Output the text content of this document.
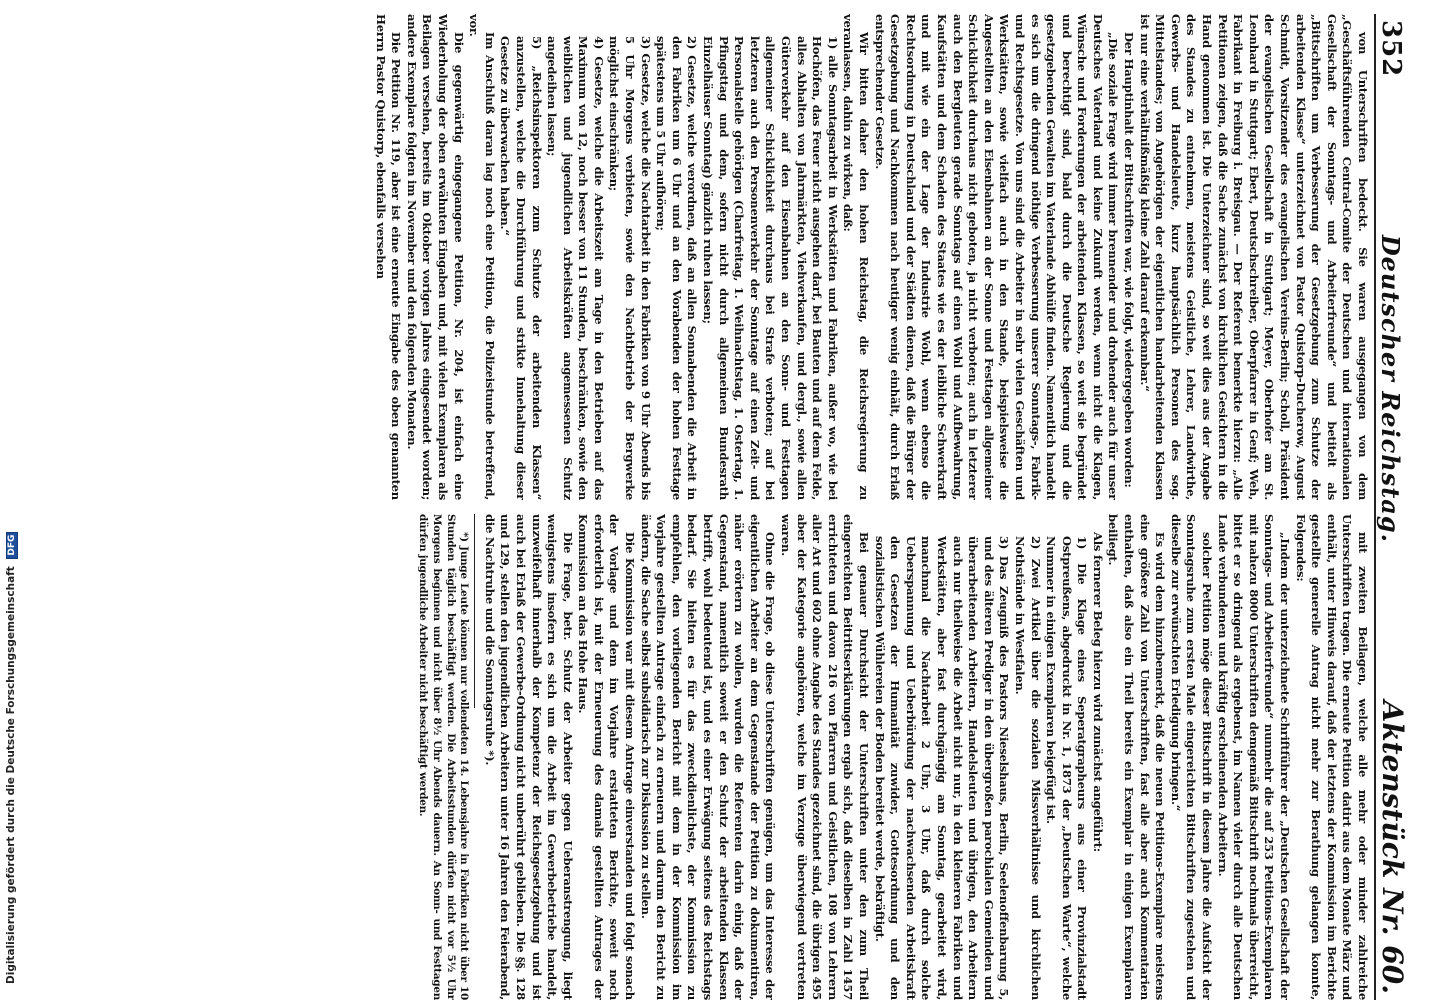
352
Deutscher Reichstag.
Aktenstück Nr. 60.

von Unterschriften bedeckt. Sie waren ausgegangen von dem „Geschäftsführenden Central-Comite der Deutschen und internationalen Gesellschaft der Sonntags- und Arbeiterfreunde“ und betitelt als „Bittschriften um Verbesserung der Gesetzgebung zum Schutze der arbeitenden Klasse“ unterzeichnet von Pastor Quistorp-Ducherow, August Schmidt, Vorsitzender des evangelischen Vereins-Berlin; Scholl, Präsident der evangelischen Gesellschaft in Stuttgart; Meyer, Oberhofer am St. Leonhard in Stuttgart; Ebert, Deutschschreiber, Oberpfarrer in Genf; Weh, Fabrikant in Freiburg i. Breisgau. — Der Referent bemerkte hierzu: „Alle Petitionen zeigen, daß die Sache zunächst von kirchlichen Gesichtern in die Hand genommen ist. Die Unterzeichner sind, so weit dies aus der Angabe des Standes zu entnehmen, meistens Geistliche, Lehrer, Landwirthe, Gewerbs- und Handelsleute, kurz hauptsächlich Personen des sog. Mittelstandes; von Angehörigen der eigentlichen handarbeitenden Klassen ist nur eine verhältnißmäßig kleine Zahl darauf erkennbar.“

Der Hauptinhalt der Bittschriften war, wie folgt, wiedergegeben worden:

„Die soziale Frage wird immer brennender und drohender auch für unser Deutsches Vaterland und keine Zukunft werden, wenn nicht die Klagen, Wünsche und Forderungen der arbeitenden Klassen, so weit sie begründet und berechtigt sind, bald durch die Deutsche Regierung und die gesetzgebenden Gewalten im Vaterlande Abhülfe finden. Namentlich handelt es sich um die dringend nöthige Verbesserung unserer Sonntags-, Fabrik- und Rechtsgesetze. Von uns sind die Arbeiter in sehr vielen Geschäften und Werkstätten, sowie vielfach auch in den Stande, beispielsweise die Angestellten an den Eisenbahnen an der Sonne und Festtagen allgemeiner Schicklichkeit durchaus nicht geboten, ja nicht verboten; auch in letzterer auch den Bergleuten gerade Sonntags auf einen Wohl und Aufbewahrung, Kaufstätten und dem Schaden des Staates wie es der leibliche Schwerkraft und mit wie ein der Lage der Industrie Wohl, wenn ebenso die Rechtsordnung in Deutschland und der Städten dienen, daß die Bürger der Gesetzgebung und Nachkommen nach heutiger wenig einhält, durch Erlaß entsprechender Gesetze.

Wir bitten daher den hohen Reichstag, die Reichsregierung zu veranlassen, dahin zu wirken, daß:

1) alle Sonntagsarbeit in Werkstätten und Fabriken, außer wo, wie bei Hochöfen, das Feuer nicht ausgehen darf, bei Bauten und auf dem Felde, alles Abhalten von Jahrmärkten, Viehverkaufen, und dergl., sowie allen Güterverkehr auf den Eisenbahnen an den Sonn- und Festtagen allgemeiner Schicklichkeit durchaus bei Strafe verboten; auf bei letzteren auch den Personenverkehr der Sonntage auf einen Zeit- und Personalstelle gehörigen (Charfreitag, 1. Weihnachtstag, 1. Ostertag, 1. Pfingsttag und dem, sofern nicht durch allgemeinen Bundesrath Einzelhäuser Sonntag) gänzlich ruhen lassen;

2) Gesetze, welche verordnen, daß an allen Sonnabenden die Arbeit in den Fabriken um 6 Uhr und an den Vorabenden der hohen Festtage spätestens um 5 Uhr aufhören;

3) Gesetze, welche die Nachtarbeit in den Fabriken von 9 Uhr Abends bis 5 Uhr Morgens verbieten, sowie den Nachtbetrieb der Bergwerke möglichst einschränken;

4) Gesetze, welche die Arbeitszeit am Tage in den Betrieben auf das Maximum von 12, noch besser von 11 Stunden, beschränken, sowie den weiblichen und jugendlichen Arbeitskräften angemessenen Schutz angedeihen lassen;

5) „Reichsinspektoren zum Schutze der arbeitenden Klassen“ anzustellen, welche die Durchführung und strikte Innehaltung dieser Gesetze zu überwachen haben.“

Im Anschluß daran lag noch eine Petition, die Polizeistunde betreffend, vor.

Die gegenwärtig eingegangene Petition, Nr. 204, ist einfach eine Wiederholung der oben erwähnten Eingaben und, mit vielen Exemplaren als Beilagen versehen, bereits im Oktober vorigen Jahres eingesendet worden; andere Exemplare folgten im November und den folgenden Monaten.

Die Petition Nr. 119, aber ist eine erneute Eingabe des oben genannten Herrn Pastor Quistorp, ebenfalls versehen

mit zweiten Beilagen, welche alle mehr oder minder zahlreiche Unterschriften tragen. Die erneute Petition datirt aus dem Monate März und enthält, unter Hinweis darauf, daß der letztens der Kommission im Berichte gestellte generelle Antrag nicht mehr zur Berathung gelangen konnte, Folgendes:

„Indem der unterzeichnete Schriftführer der „Deutschen Gesellschaft der Sonntags- und Arbeiterfreunde“ nunmehr die auf 253 Petitions-Exemplaren mit nahezu 8000 Unterschriften demgemäß Bittschrift nochmals überreicht, bittet er so dringend als ergebenst, im Namen vieler durch alle Deutschen Lande verbundenen und kräftig erscheinenden Arbeitern.

solcher Petition möge dieser Bittschrift in diesem Jahre die Aufsicht der Sonntagsruhe zum ersten Male eingereichten Bittschriften zugestehen und dieselbe zur erwünschten Erledigung bringen.“

Es wird dem hinzubemerkt, daß die neuen Petitions-Exemplare meistens eine größere Zahl von Unterschriften, fast alle aber auch Kommentarien enthalten, daß also ein Theil bereits ein Exemplar in einigen Exemplaren beiliegt.

Als fernerer Beleg hierzu wird zunächst angeführt:

1) Die Klage eines Seperatgrapheurs aus einer Provinzialstadt Ostpreußens, abgedruckt in Nr. 1, 1873 der „Deutschen Warte“, welche Nummer in einigen Exemplaren beigefügt ist.

2) Zwei Artikel über die sozialen Missverhältnisse und kirchlichen Nothstände in Westfalen.

3) Das Zeugniß des Pastors Nieselshaus, Berlin, Seelenoffenbarung 5, und des älteren Prediger in den übergroßen parochialen Gemeinden und überarbeitenden Arbeitern, Handelsleuten und übrigen, den Arbeitern auch nur theilweise die Arbeit nicht nur, in den kleineren Fabriken und Werkstätten, aber fast durchgängig am Sonntag, gearbeitet wird, manchmal die Nachtarbeit 2 Uhr, 3 Uhr, daß durch solche Ueberspannung und Ueberbürdung der nachwachsenden Arbeitskraft den Gesetzen der Humanität zuwider, Gottesordnung und den sozialistischen Wühlereien der Boden bereitet werde, bekräftigt.

Bei genauer Durchsicht der Unterschriften unter den zum Theil eingereichten Beitrittserklärungen ergab sich, daß dieselben in Zahl 1457 errichteten und davon 216 von Pfarrern und Geistlichen, 108 von Lehrern aller Art und 602 ohne Angabe des Standes gezeichnet sind, die übrigen 495 aber der Kategorie angehören, welche im Verzuge überwiegend vertreten waren.

Ohne die Frage, ob diese Unterschriften genügen, um das Interesse der eigentlichen Arbeiter an dem Gegenstande der Petition zu dokumentiren, näher erörtern zu wollen, wurden die Referenten darin einig, daß der Gegenstand, namentlich soweit er den Schutz der arbeitenden Klassen betrifft, wohl bedeutend ist, und es einer Erwägung seitens des Reichstags bedarf. Sie hielten es für das zweckdienlichste, der Kommission zu empfehlen, den vorliegenden Bericht mit dem in der Kommission im Vorjahre gestellten Antrage einfach zu erneuern und darum den Bericht zu ändern, die Sache selbst subsidiarisch zur Diskussion zu stellen.

Die Kommission war mit diesem Antrage einverstanden und folgt sonach der Vorlage und dem im Vorjahre erstatteten Berichte, soweit noch erforderlich ist, mit der Erneuerung des damals gestellten Antrages der Kommission an das Hohe Haus.

Die Frage, betr. Schutz der Arbeiter gegen Ueberanstrengung, liegt wenigstens insofern es sich um die Arbeit im Gewerbebetriebe handelt, unzweifelhaft innerhalb der Kompetenz der Reichsgesetzgebung und ist auch bei Erlaß der Gewerbe-Ordnung nicht unberührt geblieben. Die §§. 128 und 129, stellen den jugendlichen Arbeitern unter 16 Jahren den Feierabend, die Nachtruhe und die Sonntagsruhe *).

*) Junge Leute können nur vollendeten 14. Lebensjahre in Fabriken nicht über 10 Stunden täglich beschäftigt werden. Die Arbeitsstunden dürfen nicht vor 5½ Uhr Morgens beginnen und nicht über 8½ Uhr Abends dauern. An Sonn- und Festtagen dürfen jugendliche Arbeiter nicht beschäftigt werden.

Digitalisierung gefördert durch die Deutsche Forschungsgemeinschaft DFG
